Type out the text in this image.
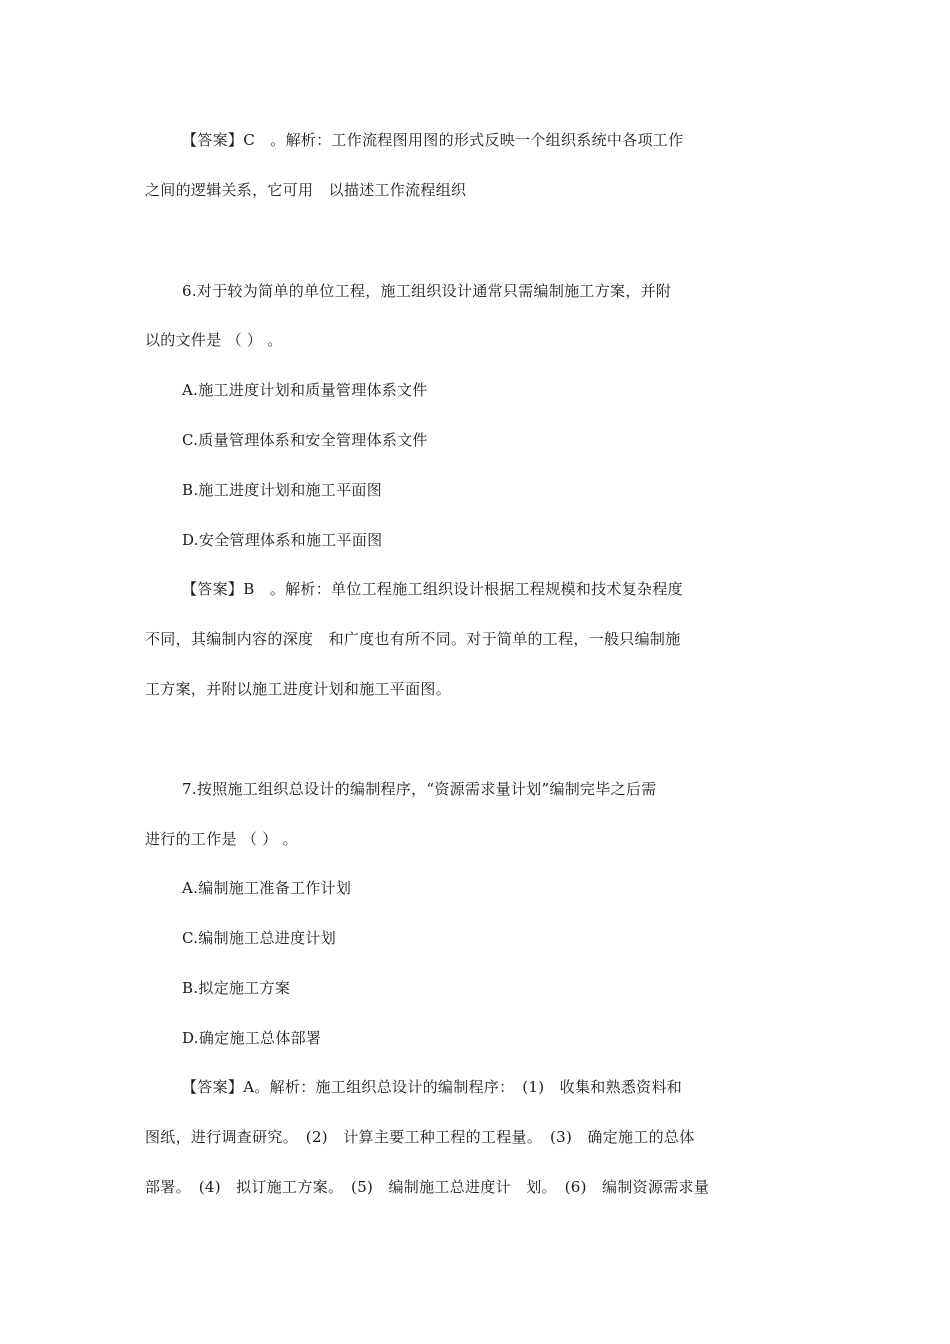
【答案】C　。解析：工作流程图用图的形式反映一个组织系统中各项工作
之间的逻辑关系，它可用　以描述工作流程组织
6.对于较为简单的单位工程，施工组织设计通常只需编制施工方案，并附
以的文件是 （ ） 。
A.施工进度计划和质量管理体系文件
C.质量管理体系和安全管理体系文件
B.施工进度计划和施工平面图
D.安全管理体系和施工平面图
【答案】B　。解析：单位工程施工组织设计根据工程规模和技术复杂程度
不同，其编制内容的深度　和广度也有所不同。对于简单的工程，一般只编制施
工方案，并附以施工进度计划和施工平面图。
7.按照施工组织总设计的编制程序，“资源需求量计划”编制完毕之后需
进行的工作是 （ ） 。
A.编制施工准备工作计划
C.编制施工总进度计划
B.拟定施工方案
D.确定施工总体部署
【答案】A。解析：施工组织总设计的编制程序：　(1)　收集和熟悉资料和
图纸，进行调查研究。　(2)　计算主要工种工程的工程量。　(3)　确定施工的总体
部署。　(4)　拟订施工方案。　(5)　编制施工总进度计　划。　(6)　编制资源需求量
